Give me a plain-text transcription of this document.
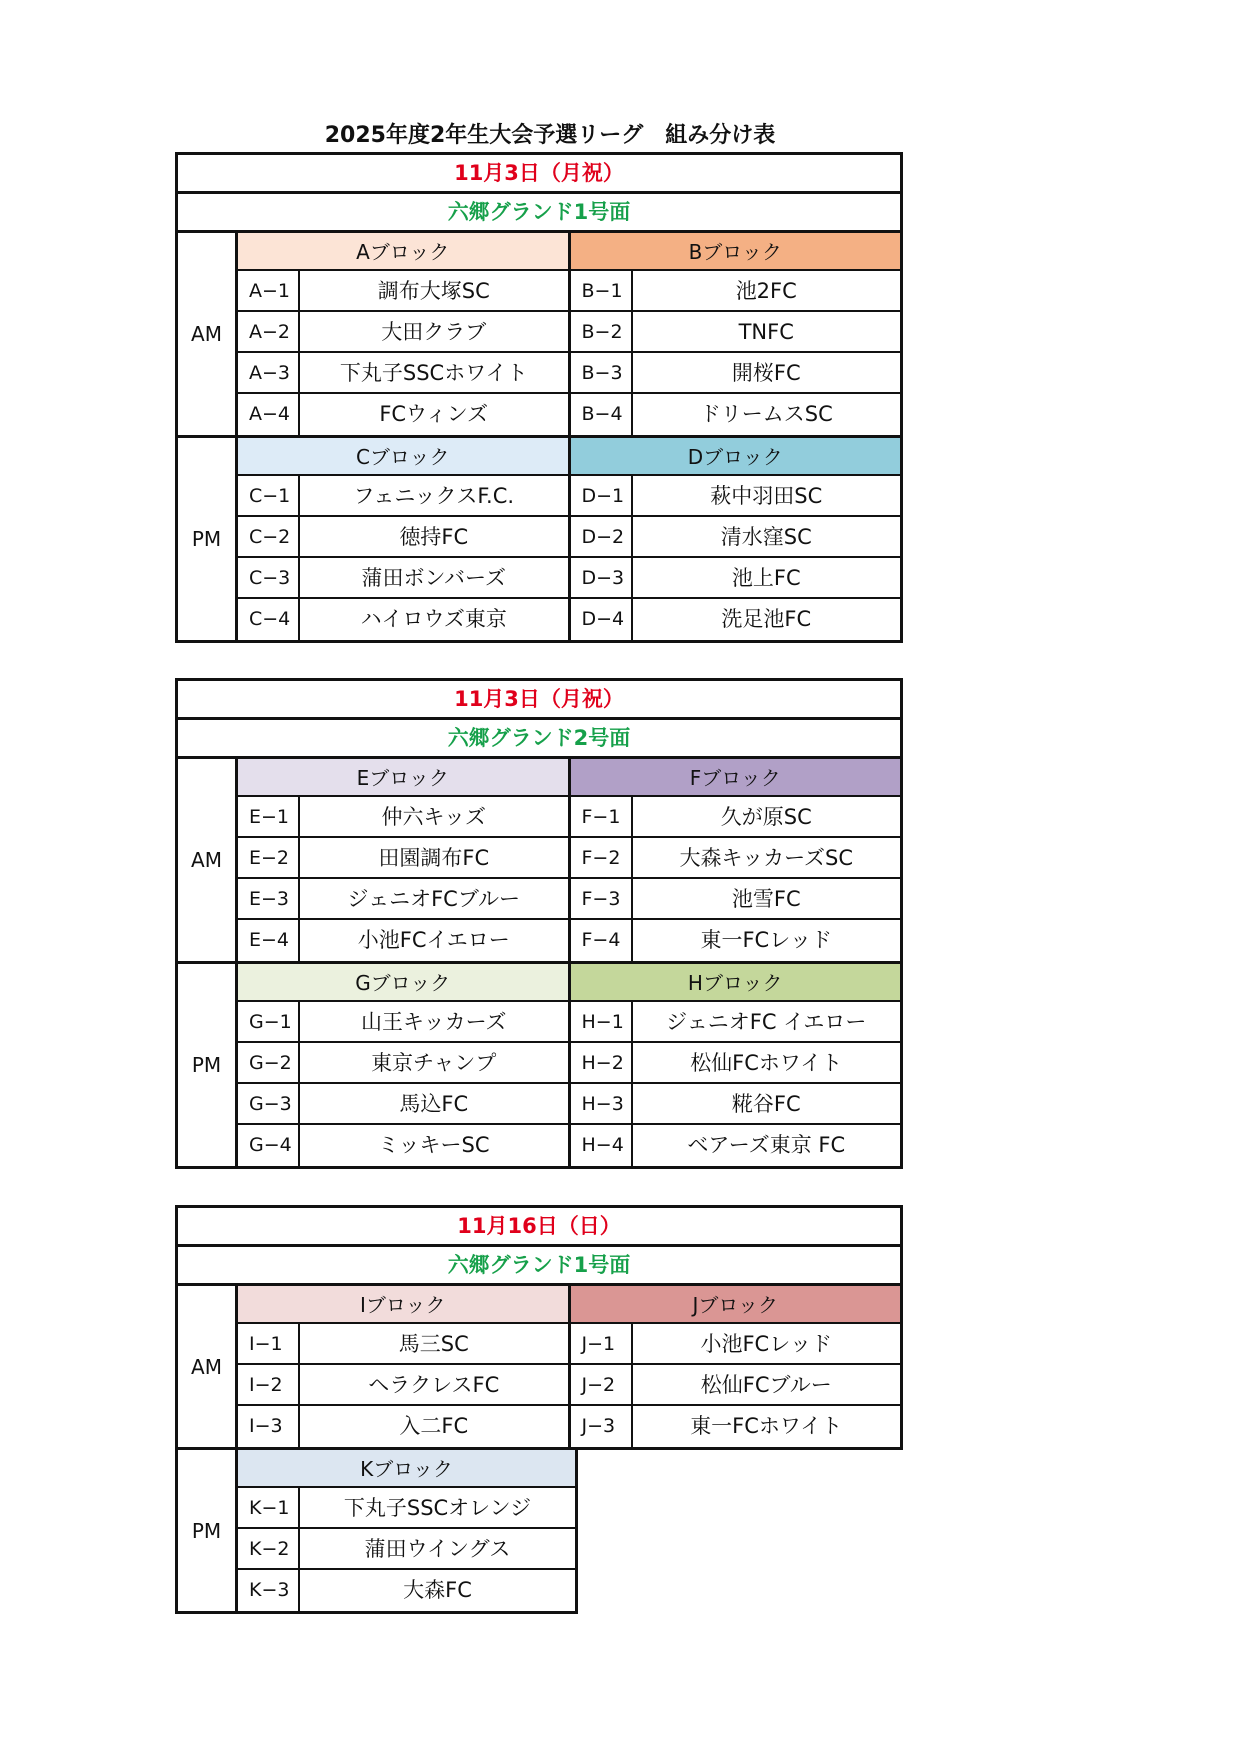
2025年度2年生大会予選リーグ　組み分け表
11月3日（月祝）
六郷グランド1号面
AM
Aブロック
A−1	調布大塚SC
A−2	大田クラブ
A−3	下丸子SSCホワイト
A−4	FCウィンズ
Bブロック
B−1	池2FC
B−2	TNFC
B−3	開桜FC
B−4	ドリームスSC
PM
Cブロック
C−1	フェニックスF.C.
C−2	徳持FC
C−3	蒲田ボンバーズ
C−4	ハイロウズ東京
Dブロック
D−1	萩中羽田SC
D−2	清水窪SC
D−3	池上FC
D−4	洗足池FC
11月3日（月祝）
六郷グランド2号面
AM
Eブロック
E−1	仲六キッズ
E−2	田園調布FC
E−3	ジェニオFCブルー
E−4	小池FCイエロー
Fブロック
F−1	久が原SC
F−2	大森キッカーズSC
F−3	池雪FC
F−4	東一FCレッド
PM
Gブロック
G−1	山王キッカーズ
G−2	東京チャンプ
G−3	馬込FC
G−4	ミッキーSC
Hブロック
H−1	ジェニオFC イエロー
H−2	松仙FCホワイト
H−3	糀谷FC
H−4	ベアーズ東京 FC
11月16日（日）
六郷グランド1号面
AM
Iブロック
I−1	馬三SC
I−2	ヘラクレスFC
I−3	入二FC
Jブロック
J−1	小池FCレッド
J−2	松仙FCブルー
J−3	東一FCホワイト
PM
Kブロック
K−1	下丸子SSCオレンジ
K−2	蒲田ウイングス
K−3	大森FC
